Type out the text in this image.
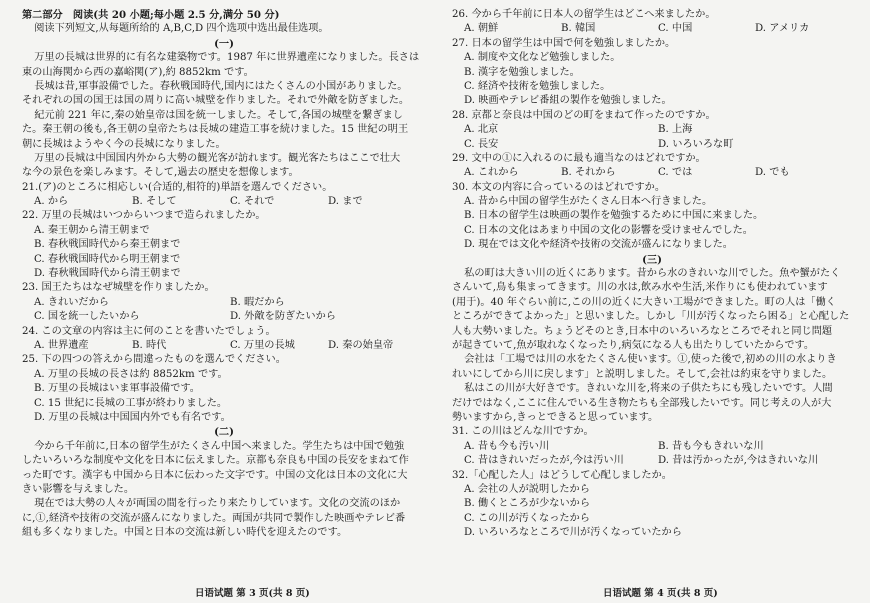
第二部分　阅读(共 20 小题;每小题 2.5 分,满分 50 分)
阅读下列短文,从每题所给的 A,B,C,D 四个选项中选出最佳选项。
(一)
万里の長城は世界的に有名な建築物です。1987 年に世界遺産になりました。長さは
東の山海関から西の嘉峪関(ア),約 8852km です。
長城は昔,軍事設備でした。春秋戦国時代,国内にはたくさんの小国がありました。
それぞれの国の国王は国の周りに高い城壁を作りました。それで外敵を防ぎました。
紀元前 221 年に,秦の始皇帝は国を統一しました。そして,各国の城壁を繋ぎまし
た。秦王朝の後も,各王朝の皇帝たちは長城の建造工事を続けました。15 世紀の明王
朝に長城はようやく今の長城になりました。
万里の長城は中国国内外から大勢の観光客が訪れます。観光客たちはここで壮大
な今の景色を楽しみます。そして,過去の歴史を想像します。
21.(ア)のところに相応しい(合适的,相符的)単語を選んでください。
A. から	B. そして	C. それで	D. まで
22. 万里の長城はいつからいつまで造られましたか。
A. 秦王朝から清王朝まで
B. 春秋戦国時代から秦王朝まで
C. 春秋戦国時代から明王朝まで
D. 春秋戦国時代から清王朝まで
23. 国王たちはなぜ城壁を作りましたか。
A. きれいだから	B. 暇だから
C. 国を統一したいから	D. 外敵を防ぎたいから
24. この文章の内容は主に何のことを書いたでしょう。
A. 世界遺産	B. 時代	C. 万里の長城	D. 秦の始皇帝
25. 下の四つの答えから間違ったものを選んでください。
A. 万里の長城の長さは約 8852km です。
B. 万里の長城はいま軍事設備です。
C. 15 世紀に長城の工事が終わりました。
D. 万里の長城は中国国内外でも有名です。
(二)
今から千年前に,日本の留学生がたくさん中国へ来ました。学生たちは中国で勉強
したいろいろな制度や文化を日本に伝えました。京都も奈良も中国の長安をまねて作
った町です。漢字も中国から日本に伝わった文字です。中国の文化は日本の文化に大
きい影響を与えました。
現在では大勢の人々が両国の間を行ったり来たりしています。文化の交流のほか
に,①,経済や技術の交流が盛んになりました。両国が共同で製作した映画やテレビ番
組も多くなりました。中国と日本の交流は新しい時代を迎えたのです。
26. 今から千年前に日本人の留学生はどこへ来ましたか。
A. 朝鮮	B. 韓国	C. 中国	D. アメリカ
27. 日本の留学生は中国で何を勉強しましたか。
A. 制度や文化など勉強しました。
B. 漢字を勉強しました。
C. 経済や技術を勉強しました。
D. 映画やテレビ番組の製作を勉強しました。
28. 京都と奈良は中国のどの町をまねて作ったのですか。
A. 北京	B. 上海
C. 長安	D. いろいろな町
29. 文中の①に入れるのに最も適当なのはどれですか。
A. これから	B. それから	C. では	D. でも
30. 本文の内容に合っているのはどれですか。
A. 昔から中国の留学生がたくさん日本へ行きました。
B. 日本の留学生は映画の製作を勉強するために中国に来ました。
C. 日本の文化はあまり中国の文化の影響を受けませんでした。
D. 現在では文化や経済や技術の交流が盛んになりました。
(三)
私の町は大きい川の近くにあります。昔から水のきれいな川でした。魚や蟹がたく
さんいて,鳥も集まってきます。川の水は,飲み水や生活,米作りにも使われています
(用于)。40 年ぐらい前に,この川の近くに大きい工場ができました。町の人は「働く
ところができてよかった」と思いました。しかし「川が汚くなったら困る」と心配した
人も大勢いました。ちょうどそのとき,日本中のいろいろなところでそれと同じ問題
が起きていて,魚が取れなくなったり,病気になる人も出たりしていたからです。
会社は「工場では川の水をたくさん使います。①,使った後で,初めの川の水よりき
れいにしてから川に戻します」と説明しました。そして,会社は約束を守りました。
私はこの川が大好きです。きれいな川を,将来の子供たちにも残したいです。人間
だけではなく,ここに住んでいる生き物たちも全部残したいです。同じ考えの人が大
勢いますから,きっとできると思っています。
31. この川はどんな川ですか。
A. 昔も今も汚い川	B. 昔も今もきれいな川
C. 昔はきれいだったが,今は汚い川	D. 昔は汚かったが,今はきれいな川
32.「心配した人」はどうして心配しましたか。
A. 会社の人が説明したから
B. 働くところが少ないから
C. この川が汚くなったから
D. いろいろなところで川が汚くなっていたから
日语试题 第 3 页(共 8 页)	日语试题 第 4 页(共 8 页)
